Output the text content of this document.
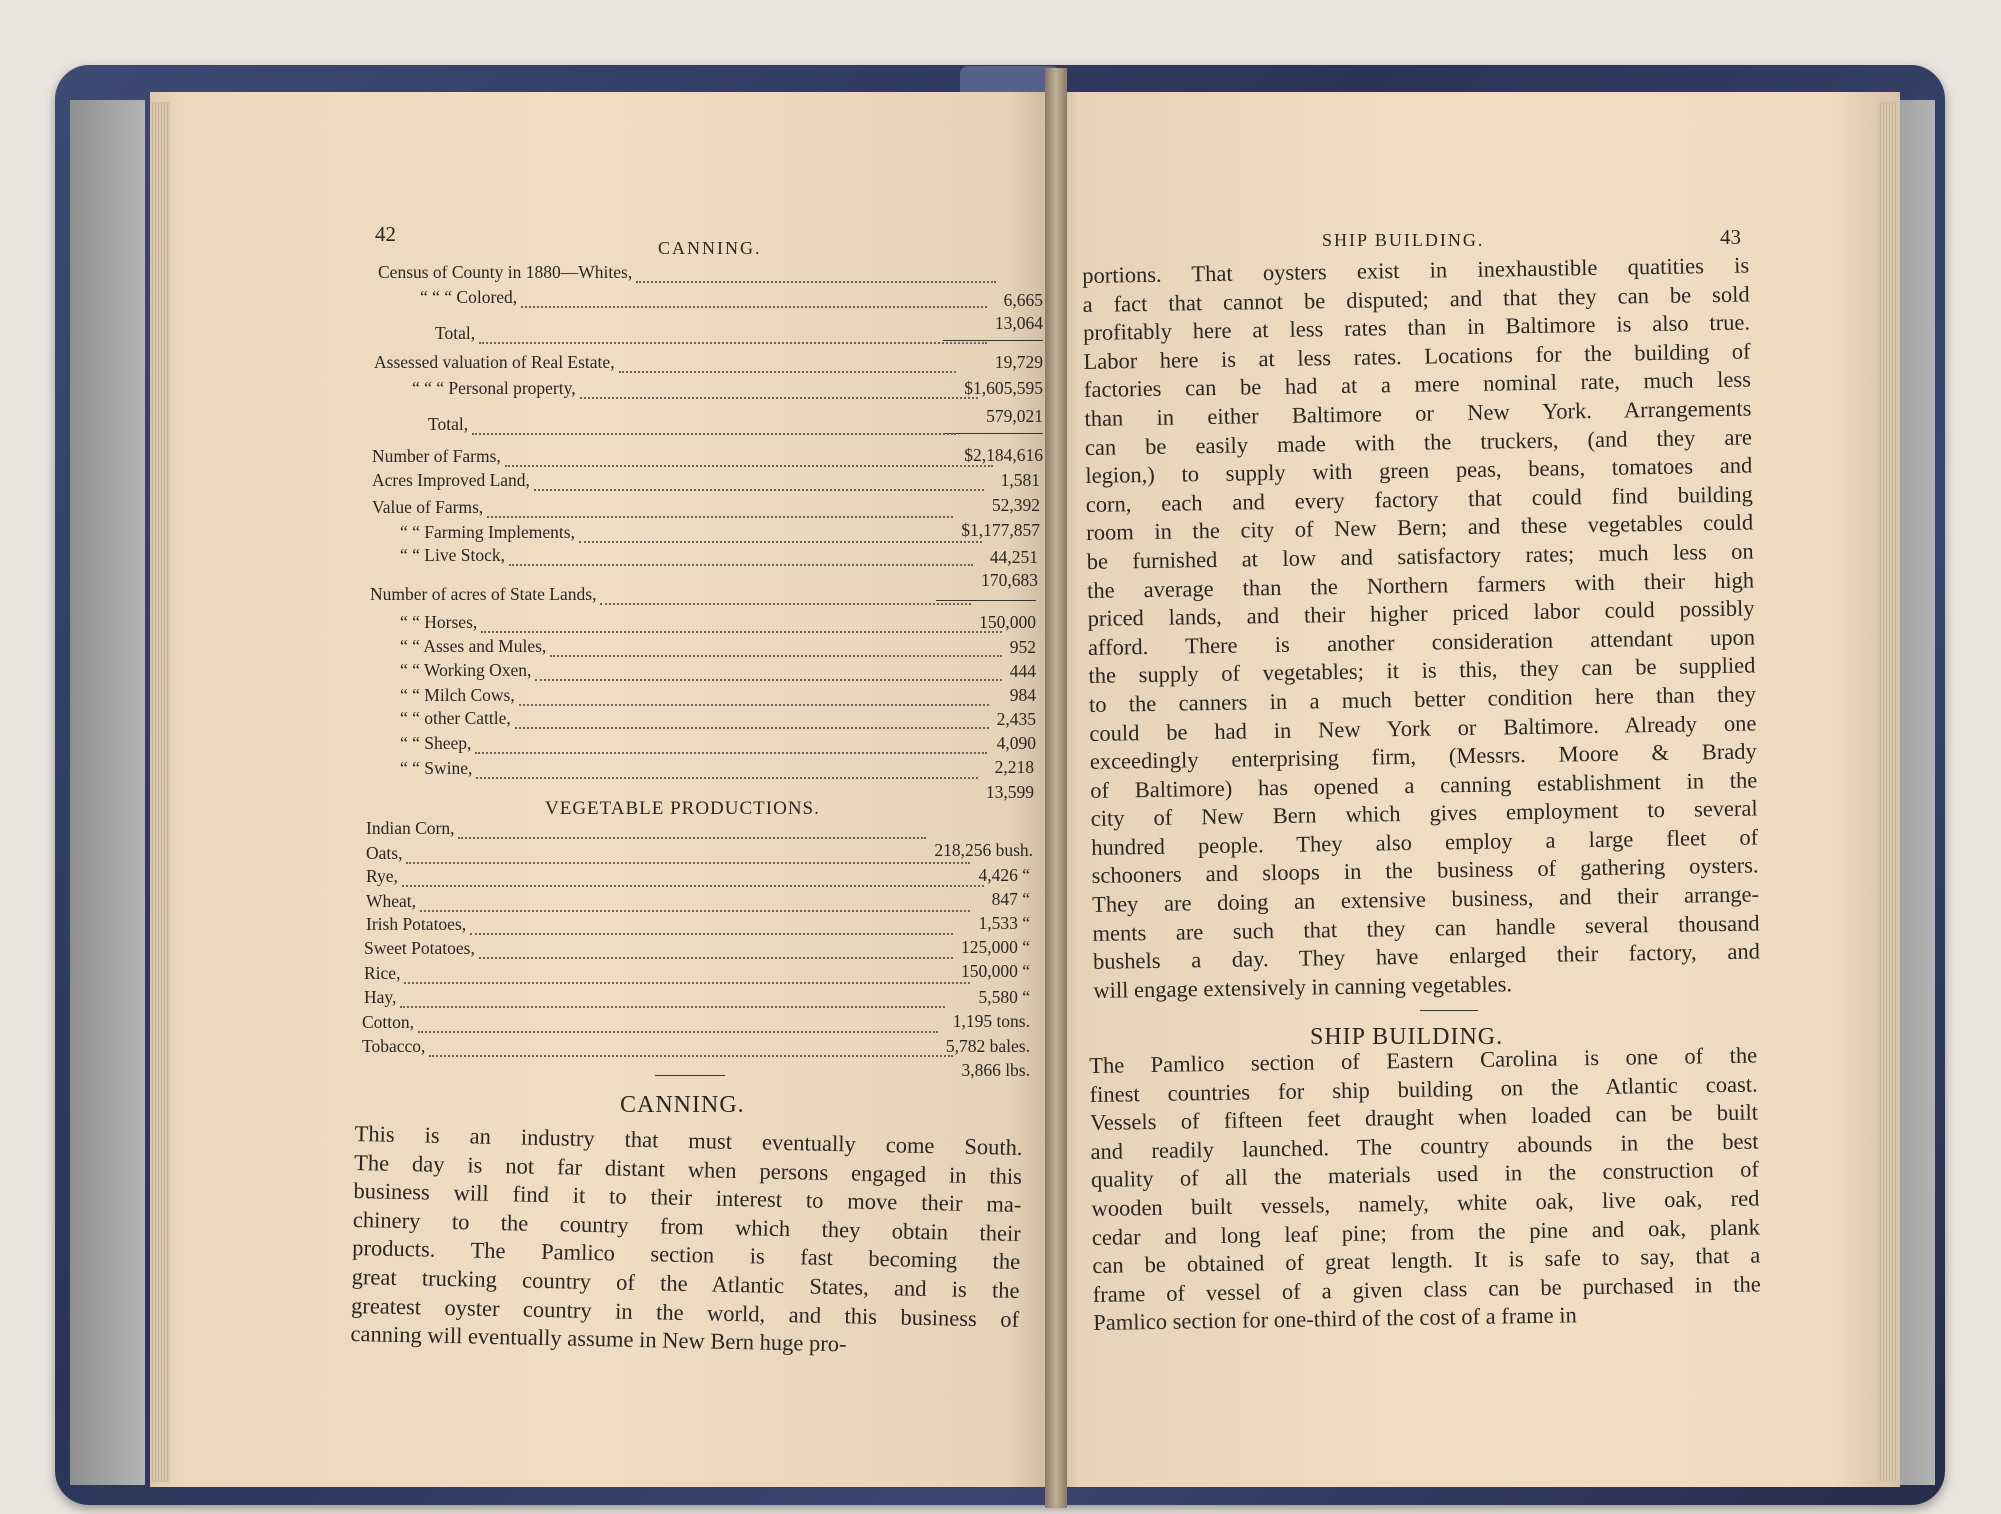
42
CANNING.
Census of County in 1880—Whites,
6,665
“ “ “ Colored,
13,064
Total,
19,729
Assessed valuation of Real Estate,
$1,605,595
“ “ “ Personal property,
579,021
Total,
$2,184,616
Number of Farms,
1,581
Acres Improved Land,
52,392
Value of Farms,
$1,177,857
“ “ Farming Implements,
44,251
“ “ Live Stock,
170,683
Number of acres of State Lands,
150,000
“ “ Horses,
952
“ “ Asses and Mules,
444
“ “ Working Oxen,
984
“ “ Milch Cows,
2,435
“ “ other Cattle,
4,090
“ “ Sheep,
2,218
“ “ Swine,
13,599
VEGETABLE PRODUCTIONS.
Indian Corn,
218,256 bush.
Oats,
4,426 “
Rye,
847 “
Wheat,
1,533 “
Irish Potatoes,
125,000 “
Sweet Potatoes,
150,000 “
Rice,
5,580 “
Hay,
1,195 tons.
Cotton,
5,782 bales.
Tobacco,
3,866 lbs.
CANNING.
This is an industry that must eventually come South.
The day is not far distant when persons engaged in this
business will find it to their interest to move their ma-
chinery to the country from which they obtain their
products. The Pamlico section is fast becoming the
great trucking country of the Atlantic States, and is the
greatest oyster country in the world, and this business of
canning will eventually assume in New Bern huge pro-
SHIP BUILDING.	43
portions. That oysters exist in inexhaustible quatities is
a fact that cannot be disputed; and that they can be sold
profitably here at less rates than in Baltimore is also true.
Labor here is at less rates. Locations for the building of
factories can be had at a mere nominal rate, much less
than in either Baltimore or New York. Arrangements
can be easily made with the truckers, (and they are
legion,) to supply with green peas, beans, tomatoes and
corn, each and every factory that could find building
room in the city of New Bern; and these vegetables could
be furnished at low and satisfactory rates; much less on
the average than the Northern farmers with their high
priced lands, and their higher priced labor could possibly
afford. There is another consideration attendant upon
the supply of vegetables; it is this, they can be supplied
to the canners in a much better condition here than they
could be had in New York or Baltimore. Already one
exceedingly enterprising firm, (Messrs. Moore & Brady
of Baltimore) has opened a canning establishment in the
city of New Bern which gives employment to several
hundred people. They also employ a large fleet of
schooners and sloops in the business of gathering oysters.
They are doing an extensive business, and their arrange-
ments are such that they can handle several thousand
bushels a day. They have enlarged their factory, and
will engage extensively in canning vegetables.
SHIP BUILDING.
The Pamlico section of Eastern Carolina is one of the
finest countries for ship building on the Atlantic coast.
Vessels of fifteen feet draught when loaded can be built
and readily launched. The country abounds in the best
quality of all the materials used in the construction of
wooden built vessels, namely, white oak, live oak, red
cedar and long leaf pine; from the pine and oak, plank
can be obtained of great length. It is safe to say, that a
frame of vessel of a given class can be purchased in the
Pamlico section for one-third of the cost of a frame in
